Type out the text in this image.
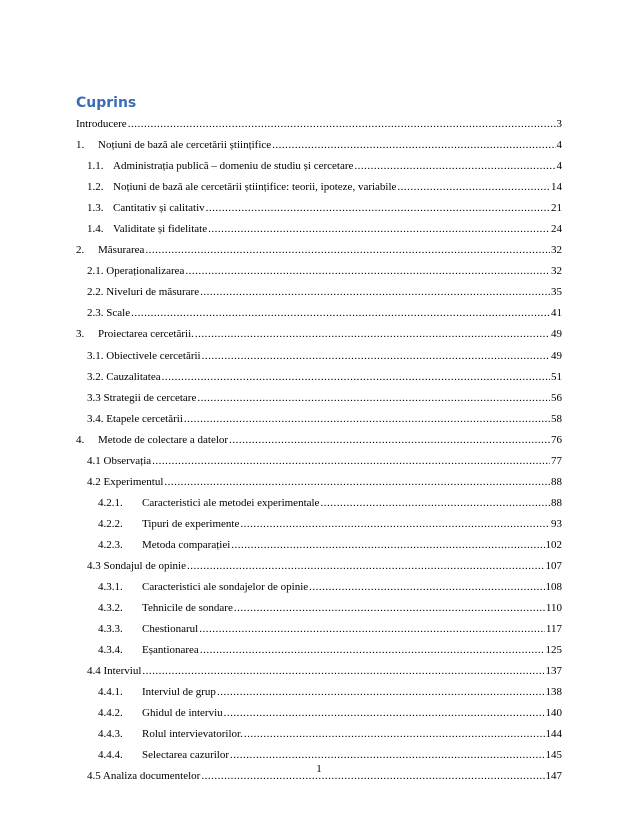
Cuprins
Introducere .....	3
1.	Noțiuni de bază ale cercetării științifice .....	4
1.1. Administrația publică – domeniu de studiu și cercetare .....	4
1.2. Noțiuni de bază ale cercetării științifice: teorii, ipoteze, variabile .....	14
1.3. Cantitativ și calitativ .....	21
1.4. Validitate și fidelitate .....	24
2.	Măsurarea .....	32
2.1. Operaționalizarea .....	32
2.2. Niveluri de măsurare .....	35
2.3. Scale .....	41
3.	Proiectarea cercetării. .....	49
3.1. Obiectivele cercetării .....	49
3.2. Cauzalitatea .....	51
3.3 Strategii de cercetare .....	56
3.4. Etapele cercetării .....	58
4.	Metode de colectare a datelor .....	76
4.1 Observația .....	77
4.2 Experimentul .....	88
4.2.1.	Caracteristici ale metodei experimentale .....	88
4.2.2.	Tipuri de experimente .....	93
4.2.3.	Metoda comparației .....	102
4.3 Sondajul de opinie .....	107
4.3.1.	Caracteristici ale sondajelor de opinie .....	108
4.3.2.	Tehnicile de sondare .....	110
4.3.3.	Chestionarul .....	117
4.3.4.	Eșantionarea .....	125
4.4 Interviul .....	137
4.4.1.	Interviul de grup .....	138
4.4.2.	Ghidul de interviu .....	140
4.4.3.	Rolul intervievatorilor. .....	144
4.4.4.	Selectarea cazurilor .....	145
4.5 Analiza documentelor .....	147
1
